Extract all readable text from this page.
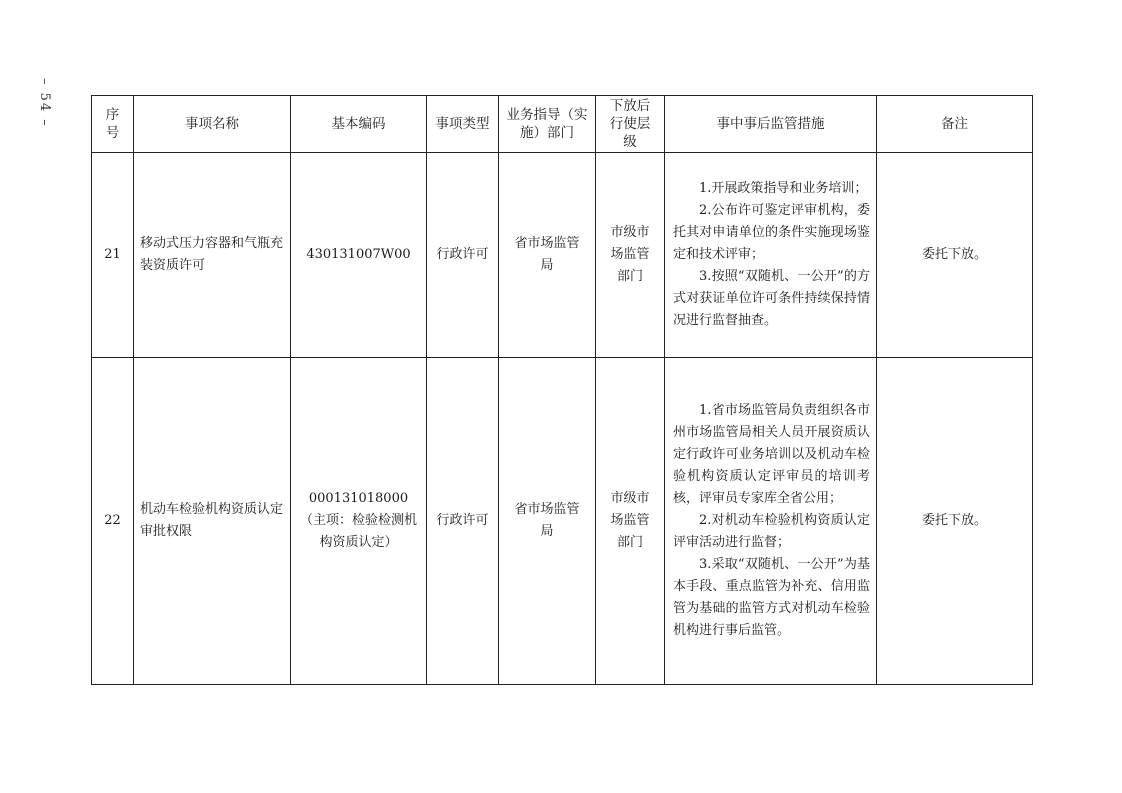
– 54 –	序号	事项名称	基本编码	事项类型	业务指导（实施）部门	下放后行使层级	事中事后监管措施	备注
21	移动式压力容器和气瓶充装资质许可	430131007W00	行政许可	省市场监管局	市级市场监管部门	1.开展政策指导和业务培训；
2.公布许可鉴定评审机构，委托其对申请单位的条件实施现场鉴定和技术评审；
3.按照“双随机、一公开”的方式对获证单位许可条件持续保持情况进行监督抽查。	委托下放。
22	机动车检验机构资质认定审批权限	000131018000（主项：检验检测机构资质认定）	行政许可	省市场监管局	市级市场监管部门	1.省市场监管局负责组织各市州市场监管局相关人员开展资质认定行政许可业务培训以及机动车检验机构资质认定评审员的培训考核，评审员专家库全省公用；
2.对机动车检验机构资质认定评审活动进行监督；
3.采取“双随机、一公开”为基本手段、重点监管为补充、信用监管为基础的监管方式对机动车检验机构进行事后监管。	委托下放。
